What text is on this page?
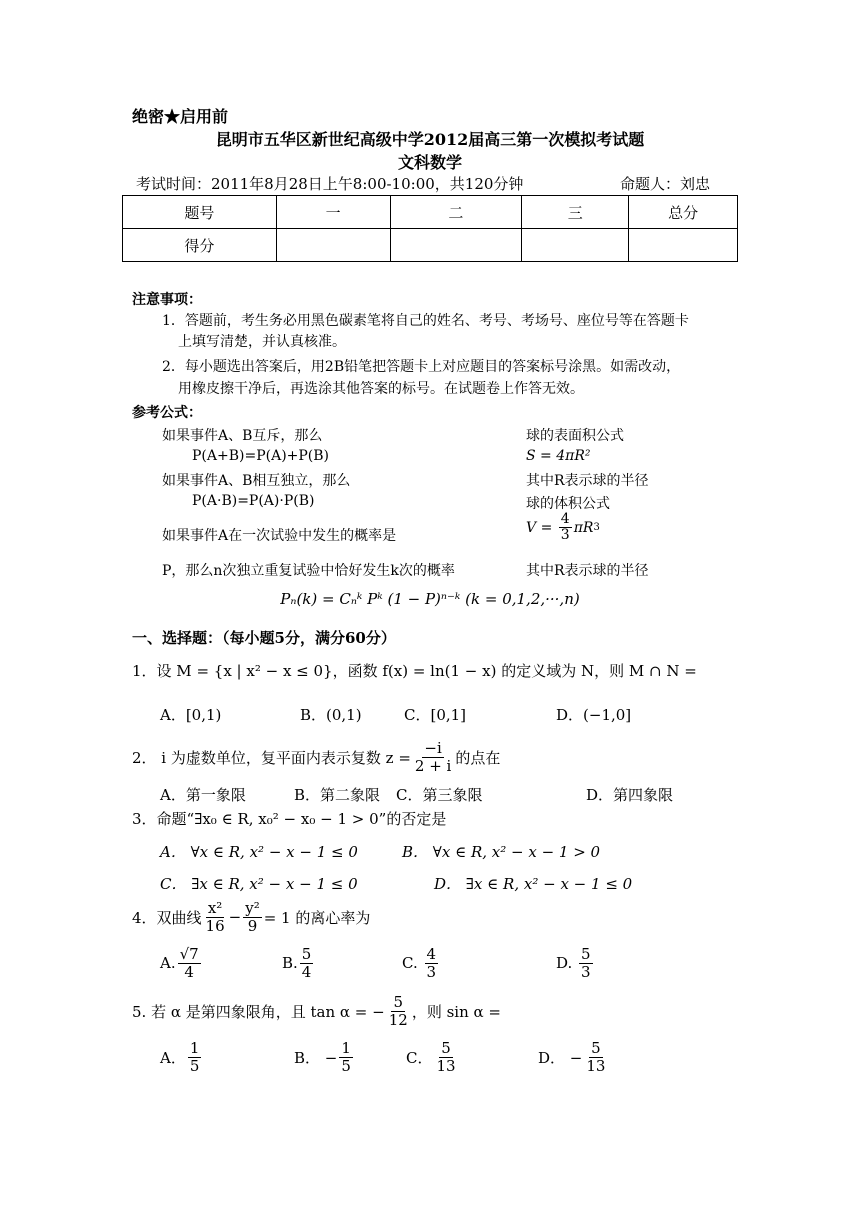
绝密★启用前
昆明市五华区新世纪高级中学2012届高三第一次模拟考试题
文科数学
考试时间：2011年8月28日上午8:00-10:00，共120分钟	命题人：刘忠
题号	一	二	三	总分
得分				
注意事项：
1．答题前，考生务必用黑色碳素笔将自己的姓名、考号、考场号、座位号等在答题卡
上填写清楚，并认真核准。
2．每小题选出答案后，用2B铅笔把答题卡上对应题目的答案标号涂黑。如需改动，
用橡皮擦干净后，再选涂其他答案的标号。在试题卷上作答无效。
参考公式：
如果事件A、B互斥，那么
P(A+B)=P(A)+P(B)
如果事件A、B相互独立，那么
P(A·B)=P(A)·P(B)
如果事件A在一次试验中发生的概率是
P，那么n次独立重复试验中恰好发生k次的概率
球的表面积公式
S = 4πR²
其中R表示球的半径
球的体积公式
$V = \frac{4}{3}$ πR 3
其中R表示球的半径
Pₙ(k) = Cₙᵏ Pᵏ (1 − P)ⁿ⁻ᵏ (k = 0,1,2,···,n)
一、选择题：（每小题5分，满分60分）
1．设 M = {x | x² − x ≤ 0}，函数 f(x) = ln(1 − x) 的定义域为 N，则 M ∩ N =
A．[0,1)	B．(0,1)	C．[0,1]	D．(−1,0]
2． i 为虚数单位，复平面内表示复数 $z = \frac{-i}{2 + i}$ 的点在
A．第一象限	B．第二象限 C．第三象限	D．第四象限
3．命题“∃x₀ ∈ R, x₀² − x₀ − 1 > 0”的否定是
A． ∀x ∈ R, x² − x − 1 ≤ 0	B． ∀x ∈ R, x² − x − 1 > 0
C． ∃x ∈ R, x² − x − 1 ≤ 0	D． ∃x ∈ R, x² − x − 1 ≤ 0
4．双曲线 $\frac{\text{x²}}{16} - \frac{\text{y²}}{9} = 1$ 的离心率为
A. $\frac{√7}{4}$	B. $\frac{5}{4}$	C.
$\frac{4}{3}$	D.
$\frac{5}{3}$
5. 若 α 是第四象限角，且 tan α = − $\frac{5}{12}$ ，则 sin α =
A． $\frac{1}{5}$	B． − $\frac{1}{5}$	C． $\frac{5}{13}$	D． − $\frac{5}{13}$
